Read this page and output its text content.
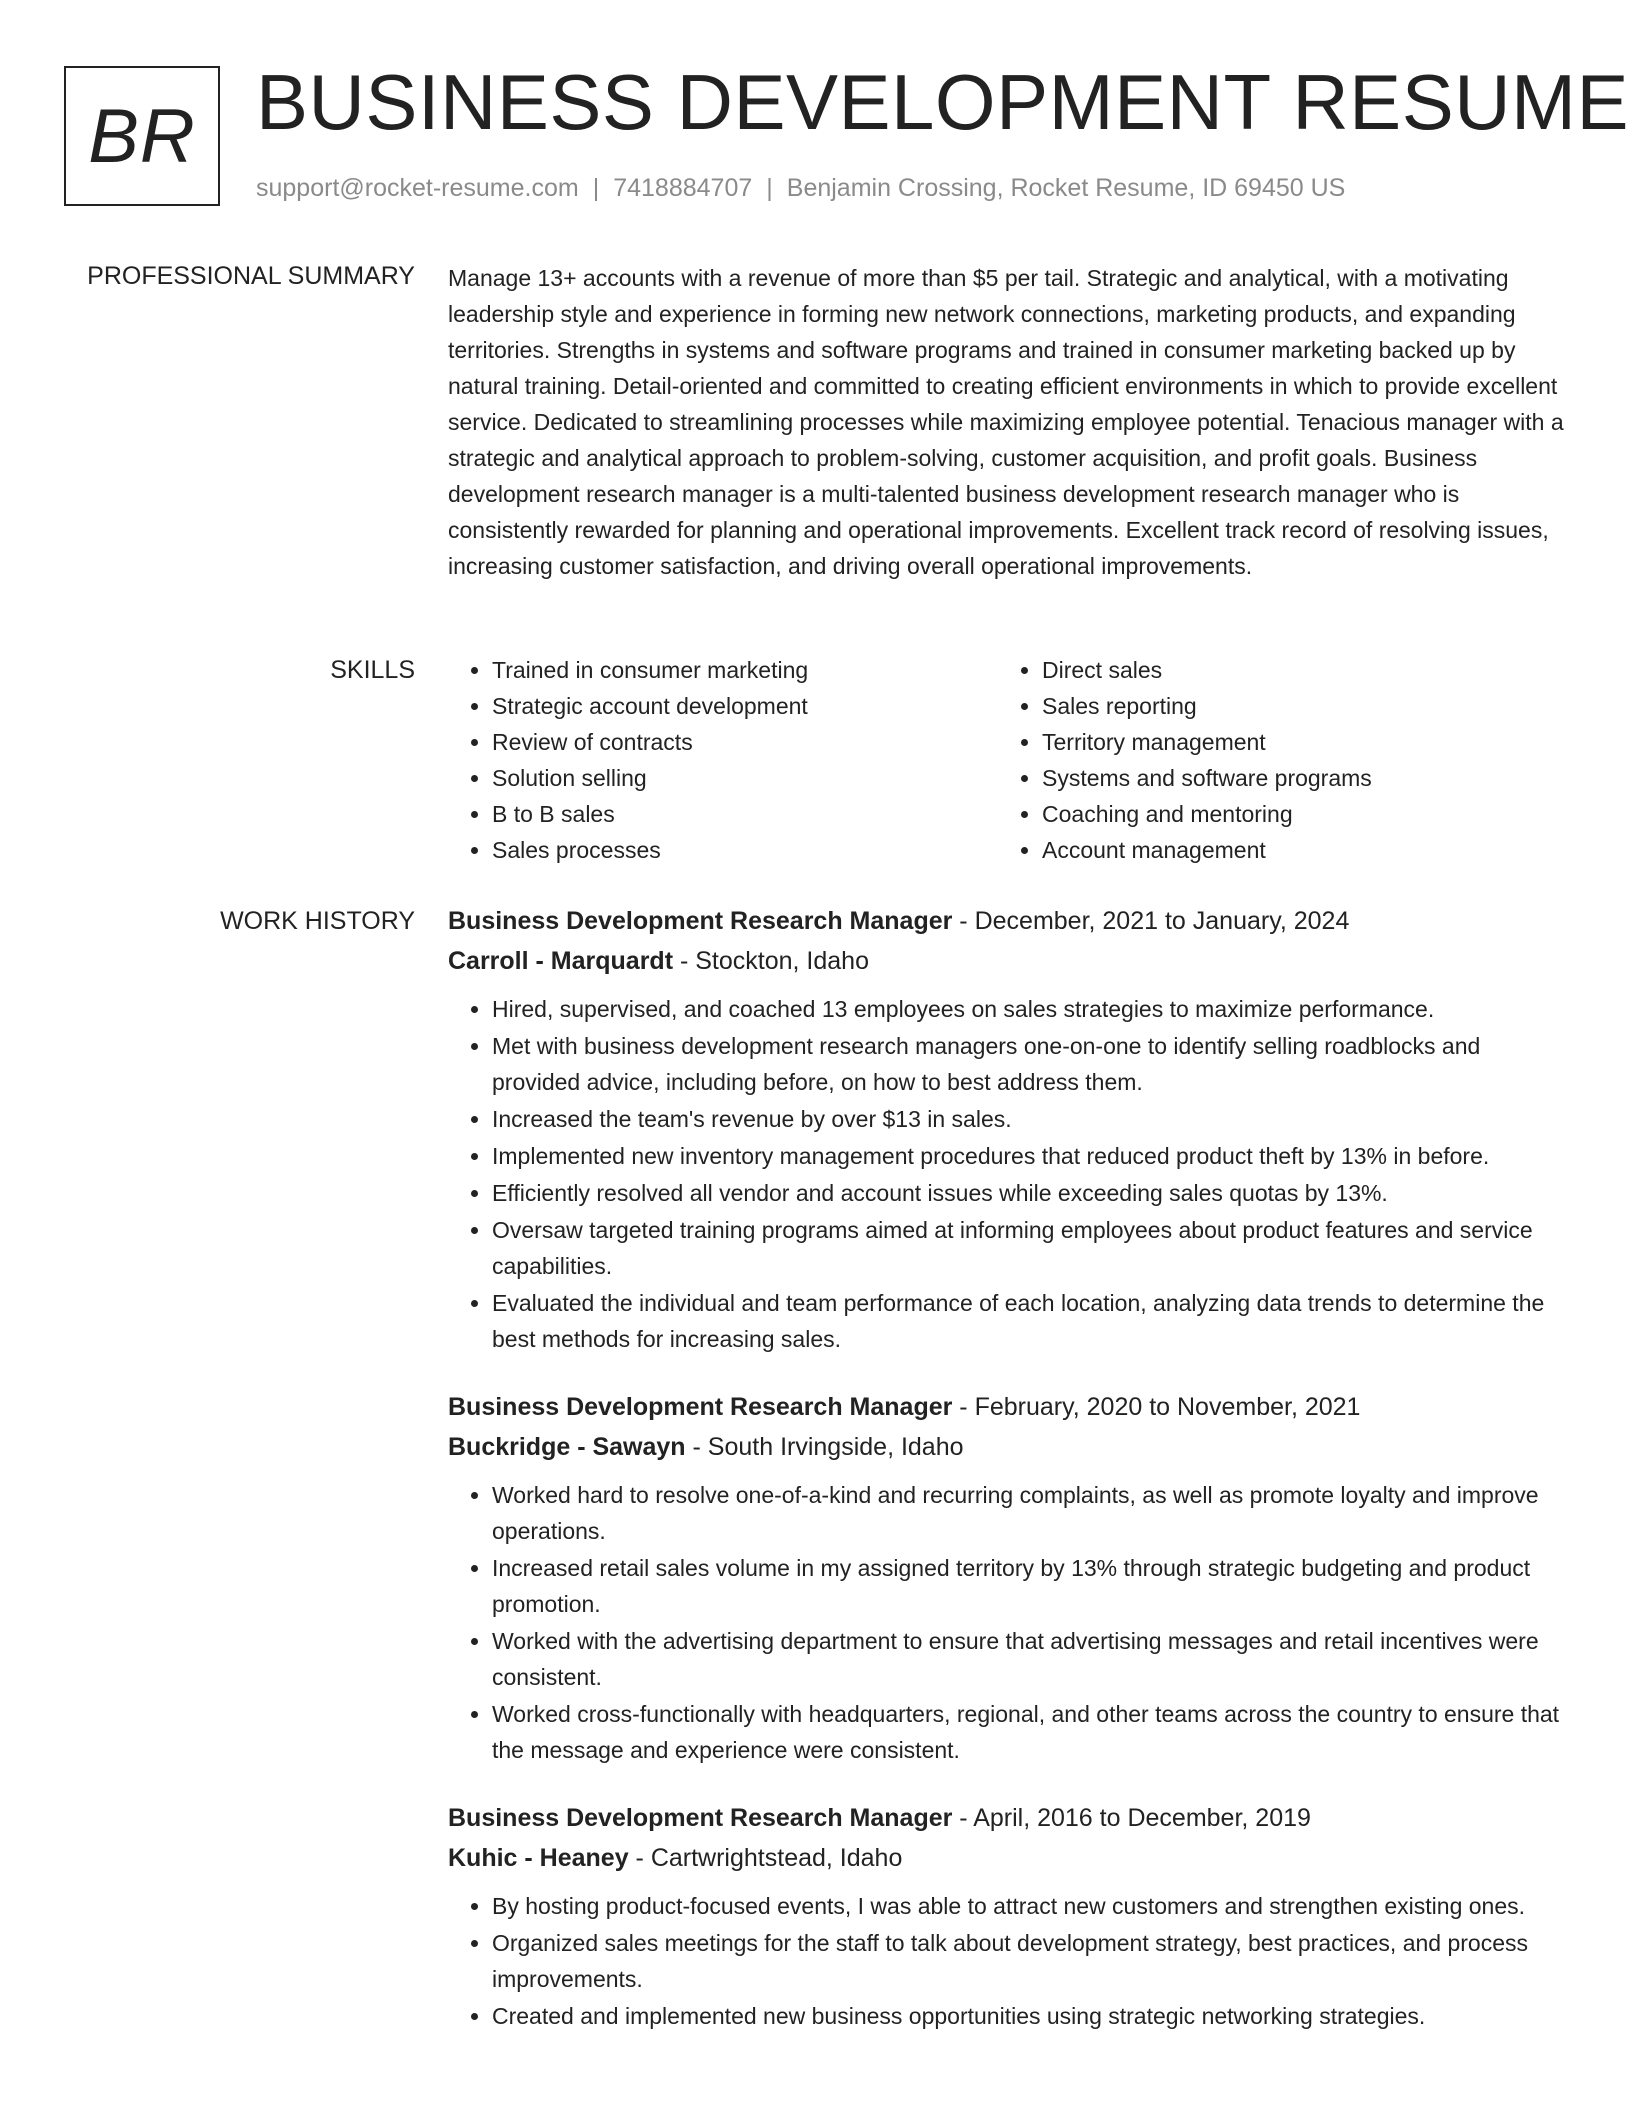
BR BUSINESS DEVELOPMENT RESUME
support@rocket-resume.com | 7418884707 | Benjamin Crossing, Rocket Resume, ID 69450 US
PROFESSIONAL SUMMARY Manage 13+ accounts with a revenue of more than $5 per tail. Strategic and analytical, with a motivating leadership style and experience in forming new network connections, marketing products, and expanding territories. Strengths in systems and software programs and trained in consumer marketing backed up by natural training. Detail-oriented and committed to creating efficient environments in which to provide excellent service. Dedicated to streamlining processes while maximizing employee potential. Tenacious manager with a strategic and analytical approach to problem-solving, customer acquisition, and profit goals. Business development research manager is a multi-talented business development research manager who is consistently rewarded for planning and operational improvements. Excellent track record of resolving issues, increasing customer satisfaction, and driving overall operational improvements.

SKILLS
•	Trained in consumer marketing
• Strategic account development
• Review of contracts
• Solution selling
• B to B sales
• Sales processes
• Direct sales
• Sales reporting
• Territory management
• Systems and software programs
• Coaching and mentoring
• Account management
WORK HISTORY Business Development Research Manager - December, 2021 to January, 2024
Carroll - Marquardt - Stockton, Idaho
• Hired, supervised, and coached 13 employees on sales strategies to maximize performance.
• Met with business development research managers one-on-one to identify selling roadblocks and provided advice, including before, on how to best address them.
• Increased the team's revenue by over $13 in sales.
• Implemented new inventory management procedures that reduced product theft by 13% in before.
• Efficiently resolved all vendor and account issues while exceeding sales quotas by 13%.
• Oversaw targeted training programs aimed at informing employees about product features and service capabilities.
• Evaluated the individual and team performance of each location, analyzing data trends to determine the best methods for increasing sales.
Business Development Research Manager - February, 2020 to November, 2021
Buckridge - Sawayn - South Irvingside, Idaho
• Worked hard to resolve one-of-a-kind and recurring complaints, as well as promote loyalty and improve operations.
• Increased retail sales volume in my assigned territory by 13% through strategic budgeting and product promotion.
• Worked with the advertising department to ensure that advertising messages and retail incentives were consistent.
• Worked cross-functionally with headquarters, regional, and other teams across the country to ensure that the message and experience were consistent.
Business Development Research Manager - April, 2016 to December, 2019
Kuhic - Heaney - Cartwrightstead, Idaho
• By hosting product-focused events, I was able to attract new customers and strengthen existing ones.
• Organized sales meetings for the staff to talk about development strategy, best practices, and process improvements.
• Created and implemented new business opportunities using strategic networking strategies.
